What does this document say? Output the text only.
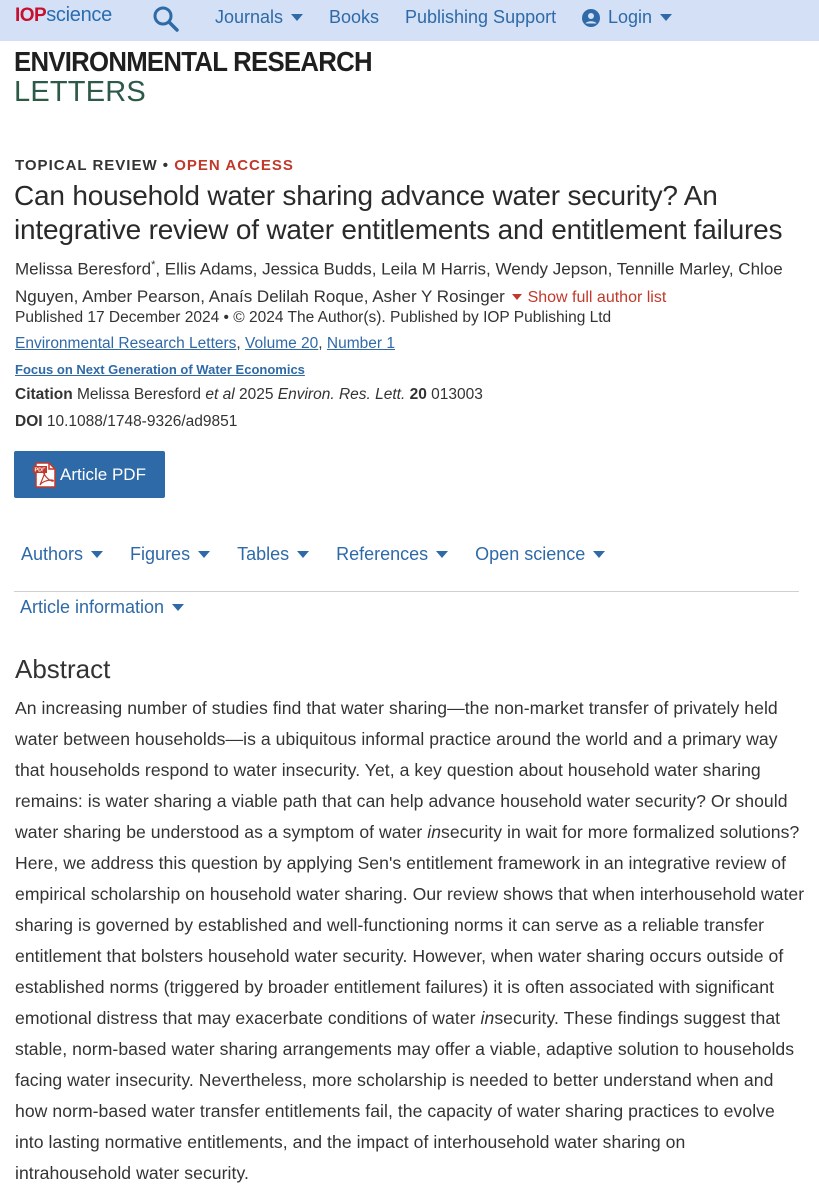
IOP science	Journals	Books Publishing Support	Login
ENVIRONMENTAL RESEARCH
LETTERS
TOPICAL REVIEW • OPEN ACCESS
Can household water sharing advance water security? An integrative review of water entitlements and entitlement failures
Melissa Beresford*, Ellis Adams, Jessica Budds, Leila M Harris, Wendy Jepson, Tennille Marley, Chloe Nguyen, Amber Pearson, Anaís Delilah Roque, Asher Y Rosinger Show full author list
Published 17 December 2024 • © 2024 The Author(s). Published by IOP Publishing Ltd
Environmental Research Letters, Volume 20, Number 1
Focus on Next Generation of Water Economics
Citation Melissa Beresford et al 2025 Environ. Res. Lett. 20 013003
DOI 10.1088/1748-9326/ad9851
PDF Article PDF
Authors	Figures	Tables	References	Open science
Article information
Abstract

An increasing number of studies find that water sharing—the non-market transfer of privately held water between households—is a ubiquitous informal practice around the world and a primary way that households respond to water insecurity. Yet, a key question about household water sharing remains: is water sharing a viable path that can help advance household water security? Or should water sharing be understood as a symptom of water insecurity in wait for more formalized solutions? Here, we address this question by applying Sen's entitlement framework in an integrative review of empirical scholarship on household water sharing. Our review shows that when interhousehold water sharing is governed by established and well-functioning norms it can serve as a reliable transfer entitlement that bolsters household water security. However, when water sharing occurs outside of established norms (triggered by broader entitlement failures) it is often associated with significant emotional distress that may exacerbate conditions of water insecurity. These findings suggest that stable, norm-based water sharing arrangements may offer a viable, adaptive solution to households facing water insecurity. Nevertheless, more scholarship is needed to better understand when and how norm-based water transfer entitlements fail, the capacity of water sharing practices to evolve into lasting normative entitlements, and the impact of interhousehold water sharing on intrahousehold water security.
